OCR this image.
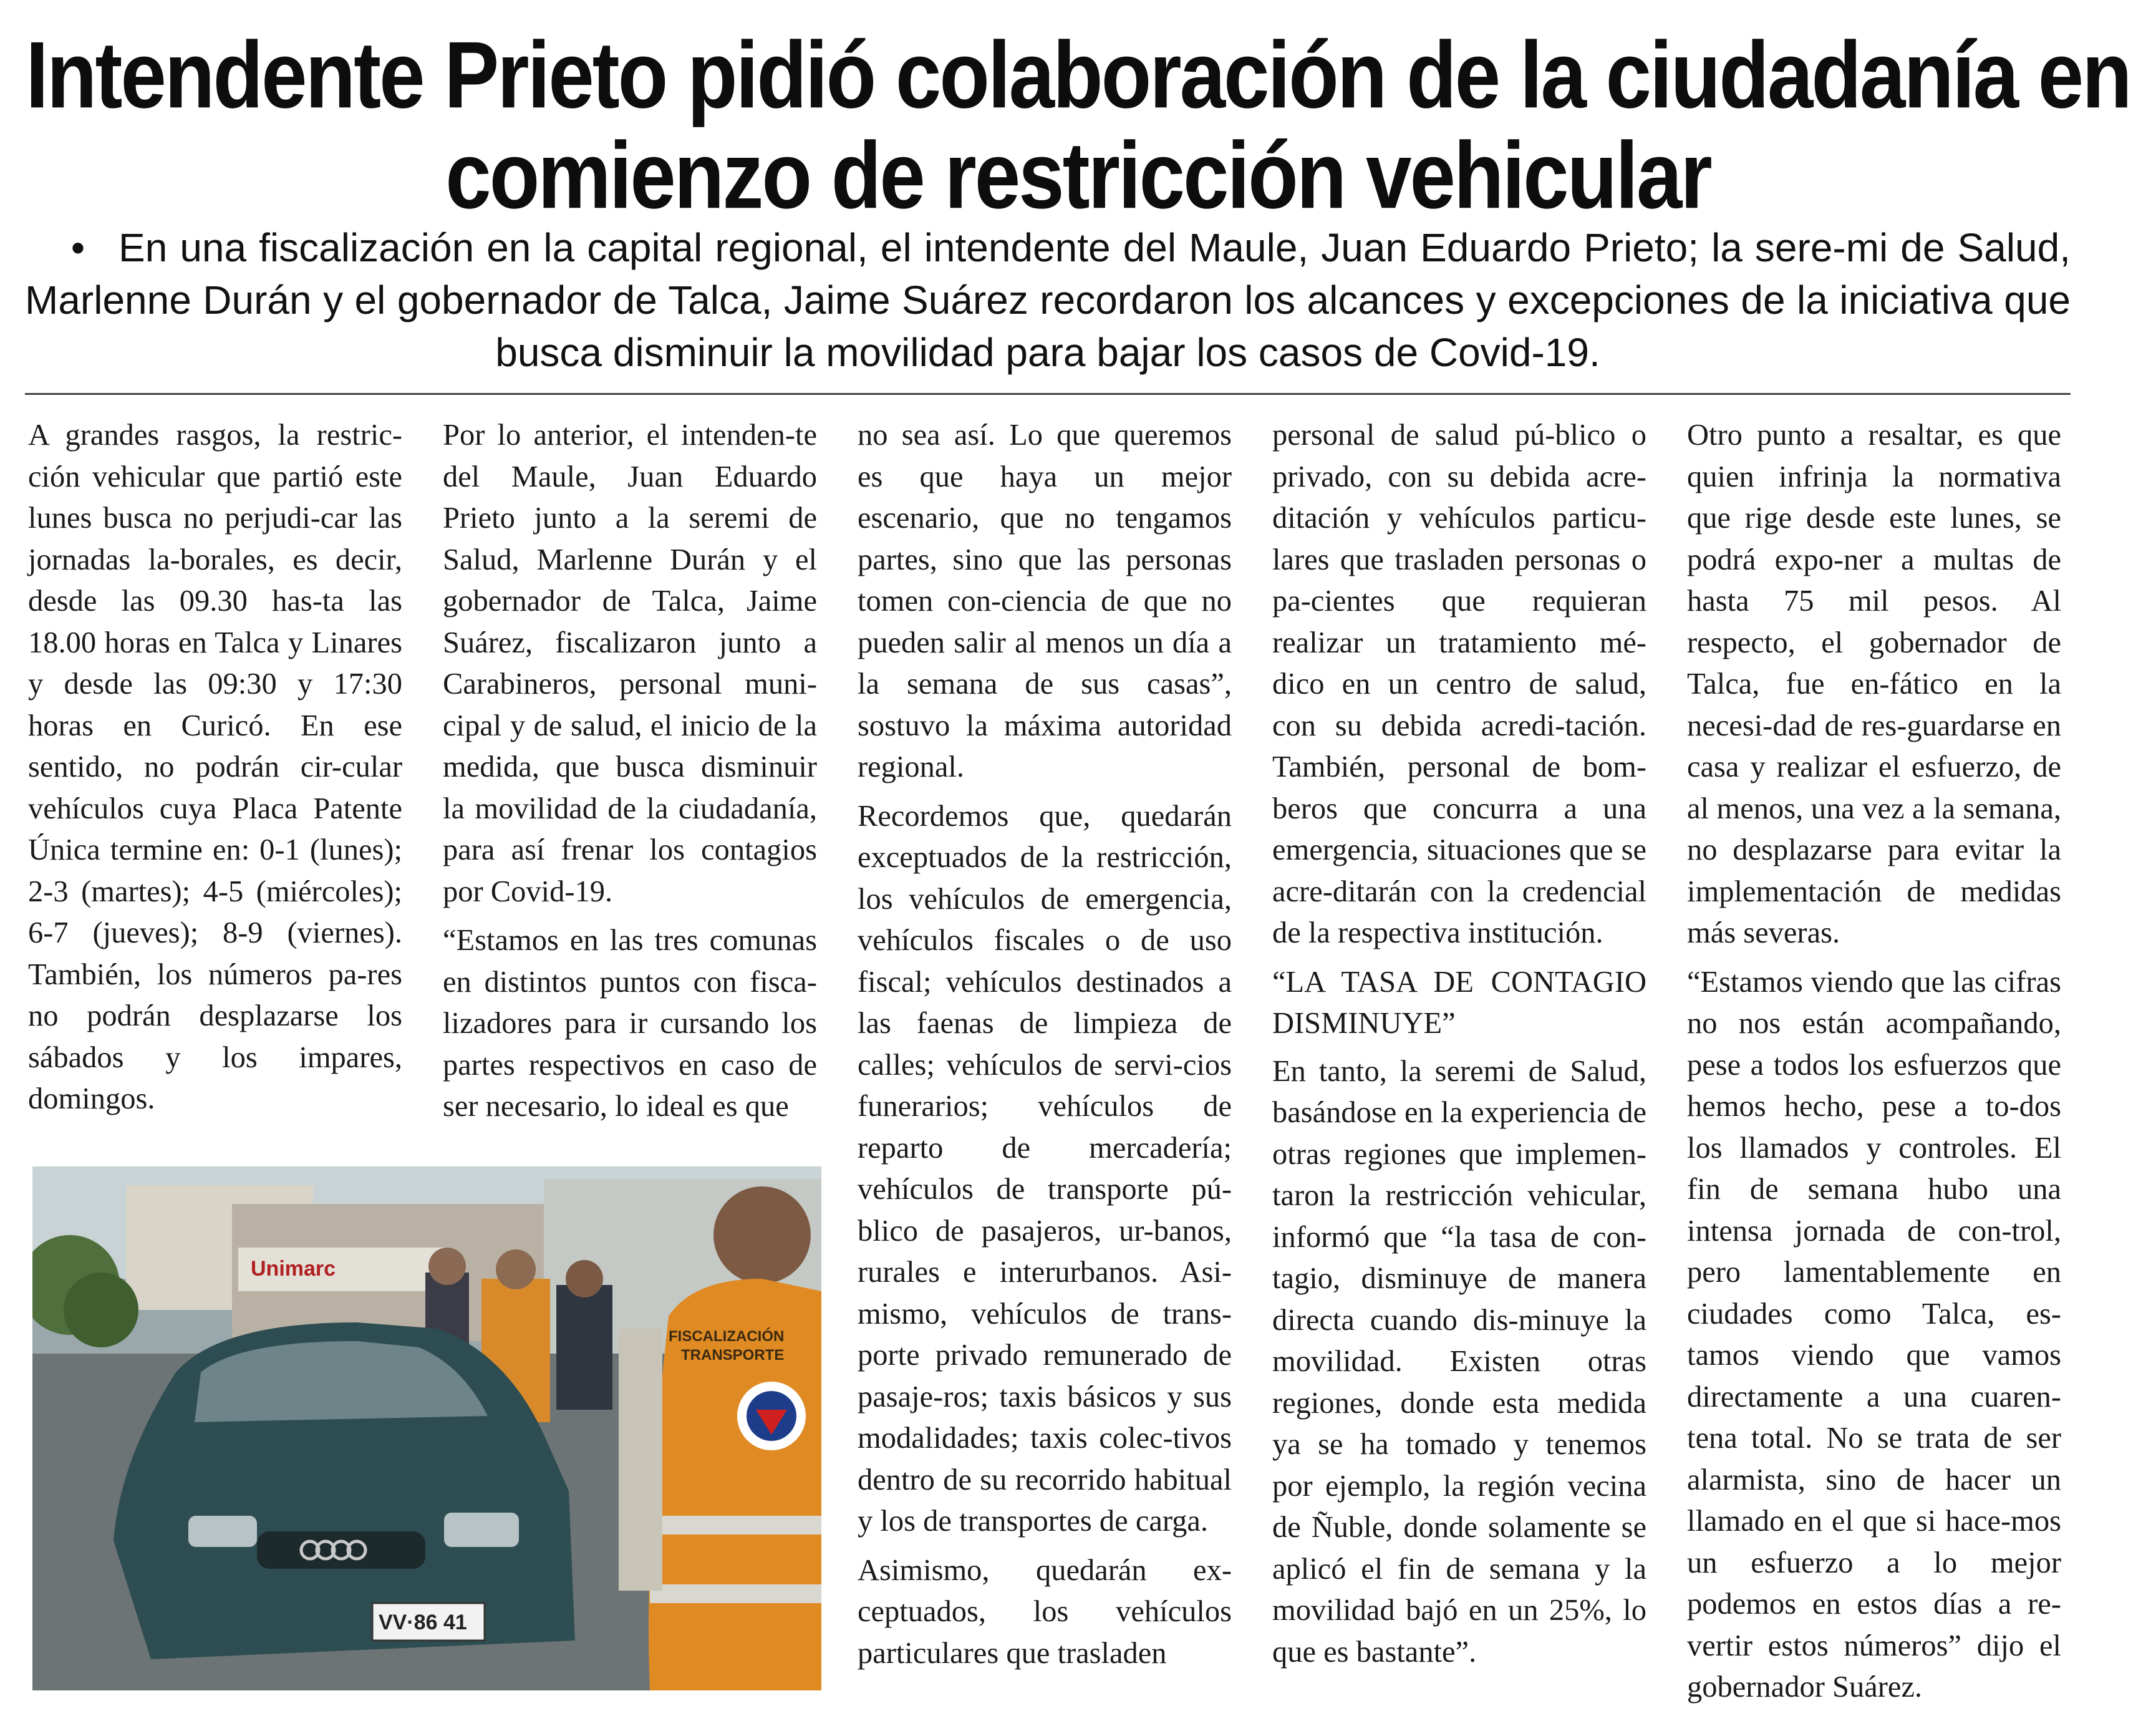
Intendente Prieto pidió colaboración de la ciudadanía en
comienzo de restricción vehicular
• En una fiscalización en la capital regional, el intendente del Maule, Juan Eduardo Prieto; la sere-mi de Salud, Marlenne Durán y el gobernador de Talca, Jaime Suárez recordaron los alcances y excepciones de la iniciativa que busca disminuir la movilidad para bajar los casos de Covid-19.

A grandes rasgos, la restric-ción vehicular que partió este lunes busca no perjudi-car las jornadas la-borales, es decir, desde las 09.30 has-ta las 18.00 horas en Talca y Linares y desde las 09:30 y 17:30 horas en Curicó. En ese sentido, no podrán cir-cular vehículos cuya Placa Patente Única termine en: 0-1 (lunes); 2-3 (martes); 4-5 (miércoles); 6-7 (jueves); 8-9 (viernes). También, los números pa-res no podrán desplazarse los sábados y los impares, domingos.

Por lo anterior, el intenden-te del Maule, Juan Eduardo Prieto junto a la seremi de Salud, Marlenne Durán y el gobernador de Talca, Jaime Suárez, fiscalizaron junto a Carabineros, personal muni-cipal y de salud, el inicio de la medida, que busca disminuir la movilidad de la ciudadanía, para así frenar los contagios por Covid-19.

“Estamos en las tres comunas en distintos puntos con fisca-lizadores para ir cursando los partes respectivos en caso de ser necesario, lo ideal es que

no sea así. Lo que queremos es que haya un mejor escenario, que no tengamos partes, sino que las personas tomen con-ciencia de que no pueden salir al menos un día a la semana de sus casas”, sostuvo la máxima autoridad regional.

Recordemos que, quedarán exceptuados de la restricción, los vehículos de emergencia, vehículos fiscales o de uso fiscal; vehículos destinados a las faenas de limpieza de calles; vehículos de servi-cios funerarios; vehículos de reparto de mercadería; vehículos de transporte pú-blico de pasajeros, ur-banos, rurales e interurbanos. Asi-mismo, vehículos de trans-porte privado remunerado de pasaje-ros; taxis básicos y sus modalidades; taxis colec-tivos dentro de su recorrido habitual y los de transportes de carga.

Asimismo, quedarán ex-ceptuados, los vehículos particulares que trasladen

personal de salud pú-blico o privado, con su debida acre-ditación y vehículos particu-lares que trasladen personas o pa-cientes que requieran realizar un tratamiento mé-dico en un centro de salud, con su debida acredi-tación. También, personal de bom-beros que concurra a una emergencia, situaciones que se acre-ditarán con la credencial de la respectiva institución.

“LA TASA DE CONTAGIO DISMINUYE”

En tanto, la seremi de Salud, basándose en la experiencia de otras regiones que implemen-taron la restricción vehicular, informó que “la tasa de con-tagio, disminuye de manera directa cuando dis-minuye la movilidad. Existen otras regiones, donde esta medida ya se ha tomado y tenemos por ejemplo, la región vecina de Ñuble, donde solamente se aplicó el fin de semana y la movilidad bajó en un 25%, lo que es bastante”.

Otro punto a resaltar, es que quien infrinja la normativa que rige desde este lunes, se podrá expo-ner a multas de hasta 75 mil pesos. Al respecto, el gobernador de Talca, fue en-fático en la necesi-dad de res-guardarse en casa y realizar el esfuerzo, de al menos, una vez a la semana, no desplazarse para evitar la implementación de medidas más severas.

“Estamos viendo que las cifras no nos están acompañando, pese a todos los esfuerzos que hemos hecho, pese a to-dos los llamados y controles. El fin de semana hubo una intensa jornada de con-trol, pero lamentablemente en ciudades como Talca, es-tamos viendo que vamos directamente a una cuaren-tena total. No se trata de ser alarmista, sino de hacer un llamado en el que si hace-mos un esfuerzo a lo mejor podemos en estos días a re-vertir estos números” dijo el gobernador Suárez.

Unimarc
VV·86 41
FISCALIZACIÓN
TRANSPORTE
